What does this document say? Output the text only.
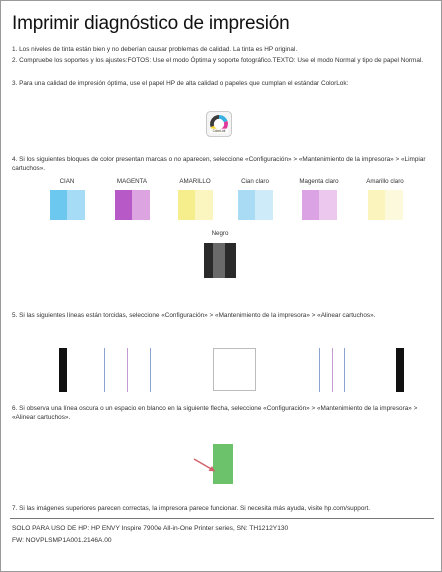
Imprimir diagnóstico de impresión
1. Los niveles de tinta están bien y no deberían causar problemas de calidad. La tinta es HP original.
2. Compruebe los soportes y los ajustes:FOTOS: Use el modo Óptima y soporte fotográfico.TEXTO: Use el modo Normal y tipo de papel Normal.
3. Para una calidad de impresión óptima, use el papel HP de alta calidad o papeles que cumplan el estándar ColorLok:
ColorLok
4. Si los siguientes bloques de color presentan marcas o no aparecen, seleccione «Configuración» > «Mantenimiento de la impresora» > «Limpiar cartuchos».
CIAN	MAGENTA	AMARILLO	Cian claro	Magenta claro	Amarillo claro
Negro
5. Si las siguientes líneas están torcidas, seleccione «Configuración» > «Mantenimiento de la impresora» > «Alinear cartuchos».
6. Si observa una línea oscura o un espacio en blanco en la siguiente flecha, seleccione «Configuración» > «Mantenimiento de la impresora» > «Alinear cartuchos».
7. Si las imágenes superiores parecen correctas, la impresora parece funcionar. Si necesita más ayuda, visite hp.com/support.
SOLO PARA USO DE HP: HP ENVY Inspire 7900e All-in-One Printer series, SN: TH1212Y130
FW: NOVPLSMP1A001.2146A.00
